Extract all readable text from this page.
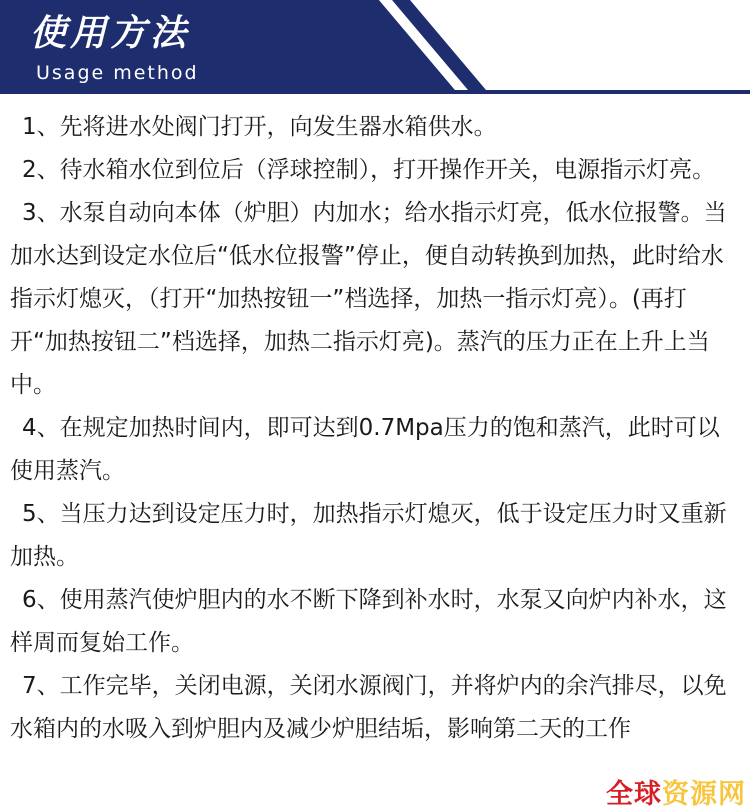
使用方法
Usage method

1、先将进水处阀门打开，向发生器水箱供水。

2、待水箱水位到位后（浮球控制），打开操作开关，电源指示灯亮。

3、水泵自动向本体（炉胆）内加水；给水指示灯亮，低水位报警。当加水达到设定水位后“低水位报警”停止，便自动转换到加热，此时给水指示灯熄灭，（打开“加热按钮一”档选择，加热一指示灯亮）。(再打开“加热按钮二”档选择，加热二指示灯亮)。蒸汽的压力正在上升上当中。

4、在规定加热时间内，即可达到0.7Mpa压力的饱和蒸汽，此时可以使用蒸汽。

5、当压力达到设定压力时，加热指示灯熄灭，低于设定压力时又重新加热。

6、使用蒸汽使炉胆内的水不断下降到补水时，水泵又向炉内补水，这样周而复始工作。

7、工作完毕，关闭电源，关闭水源阀门，并将炉内的余汽排尽，以免水箱内的水吸入到炉胆内及减少炉胆结垢，影响第二天的工作

全球资源网
